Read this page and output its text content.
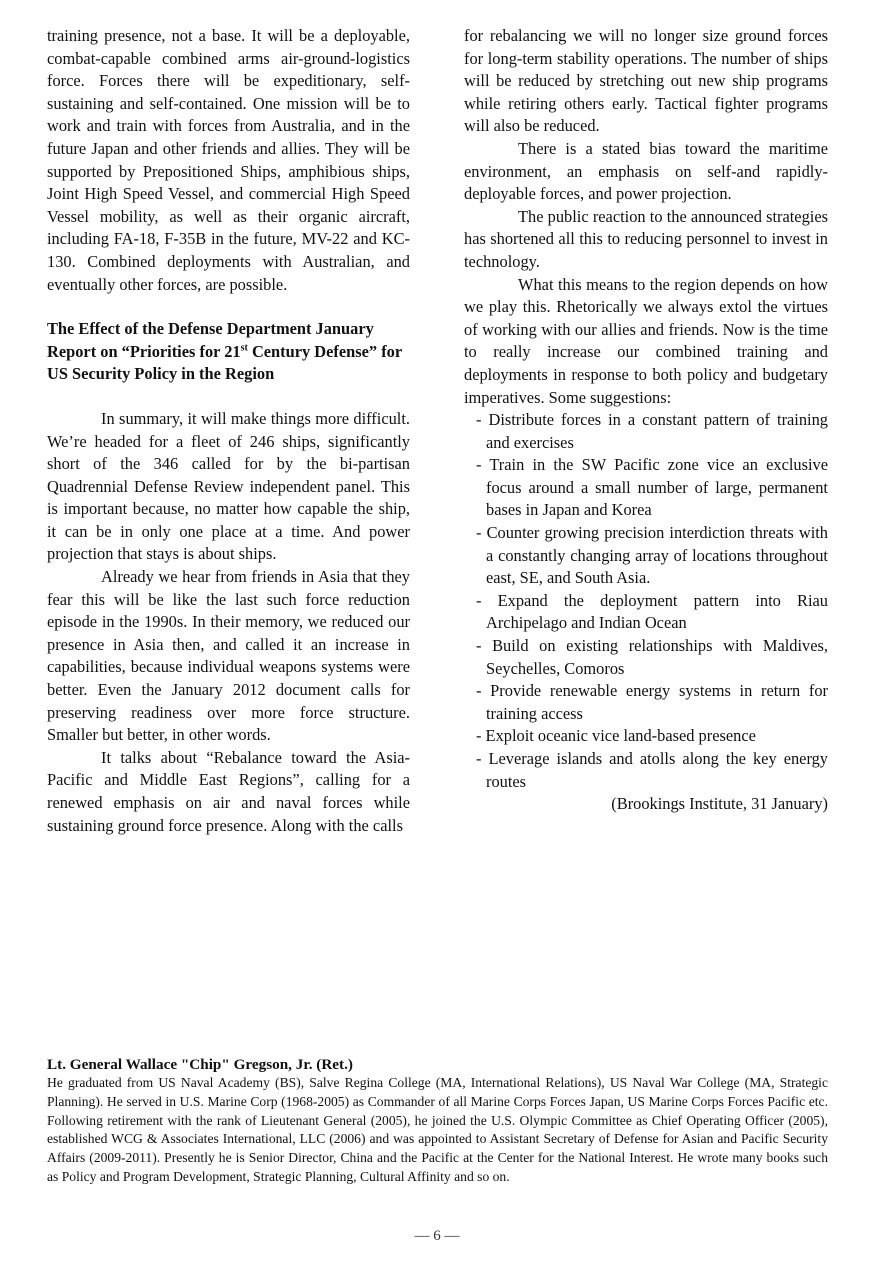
training presence, not a base. It will be a deployable, combat-capable combined arms air-ground-logistics force. Forces there will be expeditionary, self-sustaining and self-contained. One mission will be to work and train with forces from Australia, and in the future Japan and other friends and allies. They will be supported by Prepositioned Ships, amphibious ships, Joint High Speed Vessel, and commercial High Speed Vessel mobility, as well as their organic aircraft, including FA-18, F-35B in the future, MV-22 and KC-130. Combined deployments with Australian, and eventually other forces, are possible.

The Effect of the Defense Department January Report on “Priorities for 21st Century Defense” for US Security Policy in the Region

In summary, it will make things more difficult. We’re headed for a fleet of 246 ships, significantly short of the 346 called for by the bi-partisan Quadrennial Defense Review independent panel. This is important because, no matter how capable the ship, it can be in only one place at a time. And power projection that stays is about ships.

Already we hear from friends in Asia that they fear this will be like the last such force reduction episode in the 1990s. In their memory, we reduced our presence in Asia then, and called it an increase in capabilities, because individual weapons systems were better. Even the January 2012 document calls for preserving readiness over more force structure. Smaller but better, in other words.

It talks about “Rebalance toward the Asia-Pacific and Middle East Regions”, calling for a renewed emphasis on air and naval forces while sustaining ground force presence. Along with the calls

for rebalancing we will no longer size ground forces for long-term stability operations. The number of ships will be reduced by stretching out new ship programs while retiring others early. Tactical fighter programs will also be reduced.

There is a stated bias toward the maritime environment, an emphasis on self-and rapidly-deployable forces, and power projection.

The public reaction to the announced strategies has shortened all this to reducing personnel to invest in technology.

What this means to the region depends on how we play this. Rhetorically we always extol the virtues of working with our allies and friends. Now is the time to really increase our combined training and deployments in response to both policy and budgetary imperatives. Some suggestions:

- Distribute forces in a constant pattern of training and exercises
- Train in the SW Pacific zone vice an exclusive focus around a small number of large, permanent bases in Japan and Korea
- Counter growing precision interdiction threats with a constantly changing array of locations throughout east, SE, and South Asia.
- Expand the deployment pattern into Riau Archipelago and Indian Ocean
- Build on existing relationships with Maldives, Seychelles, Comoros
- Provide renewable energy systems in return for training access
- Exploit oceanic vice land-based presence
- Leverage islands and atolls along the key energy routes

(Brookings Institute, 31 January)

Lt. General Wallace "Chip" Gregson, Jr. (Ret.)

He graduated from US Naval Academy (BS), Salve Regina College (MA, International Relations), US Naval War College (MA, Strategic Planning). He served in U.S. Marine Corp (1968-2005) as Commander of all Marine Corps Forces Japan, US Marine Corps Forces Pacific etc. Following retirement with the rank of Lieutenant General (2005), he joined the U.S. Olympic Committee as Chief Operating Officer (2005), established WCG & Associates International, LLC (2006) and was appointed to Assistant Secretary of Defense for Asian and Pacific Security Affairs (2009-2011). Presently he is Senior Director, China and the Pacific at the Center for the National Interest. He wrote many books such as Policy and Program Development, Strategic Planning, Cultural Affinity and so on.

— 6 —
